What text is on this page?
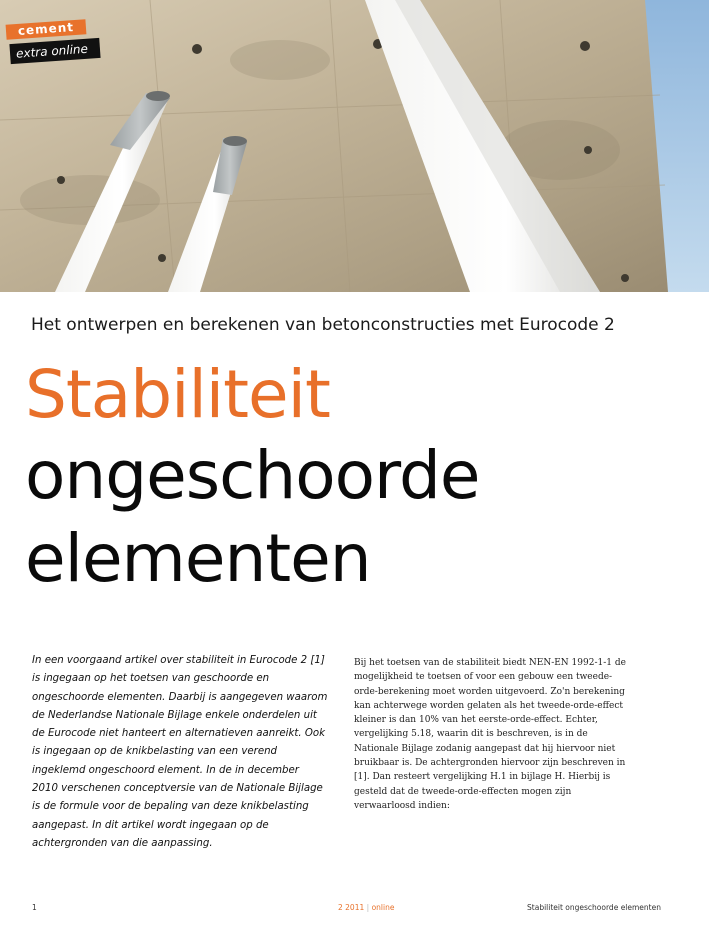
cement
extra online
Het ontwerpen en berekenen van betonconstructies met Eurocode 2
Stabiliteit
ongeschoorde
elementen

In een voorgaand artikel over stabiliteit in Eurocode 2 [1] is ingegaan op het toetsen van geschoorde en ongeschoorde elementen. Daarbij is aangegeven waarom de Nederlandse Nationale Bijlage enkele onderdelen uit de Eurocode niet hanteert en alternatieven aanreikt. Ook is ingegaan op de knikbelasting van een verend ingeklemd ongeschoord element. In de in december 2010 verschenen conceptversie van de Nationale Bijlage is de formule voor de bepaling van deze knikbelasting aangepast. In dit artikel wordt ingegaan op de achtergronden van die aanpassing.

Bij het toetsen van de stabiliteit biedt NEN-EN 1992-1-1 de mogelijkheid te toetsen of voor een gebouw een tweede-orde-berekening moet worden uitgevoerd. Zo'n berekening kan achterwege worden gelaten als het tweede-orde-effect kleiner is dan 10% van het eerste-orde-effect. Echter, vergelijking 5.18, waarin dit is beschreven, is in de Nationale Bijlage zodanig aangepast dat hij hiervoor niet bruikbaar is. De achtergronden hiervoor zijn beschreven in [1]. Dan resteert vergelijking H.1 in bijlage H. Hierbij is gesteld dat de tweede-orde-effecten mogen zijn verwaarloosd indien:

1	2 2011 | online	Stabiliteit ongeschoorde elementen
